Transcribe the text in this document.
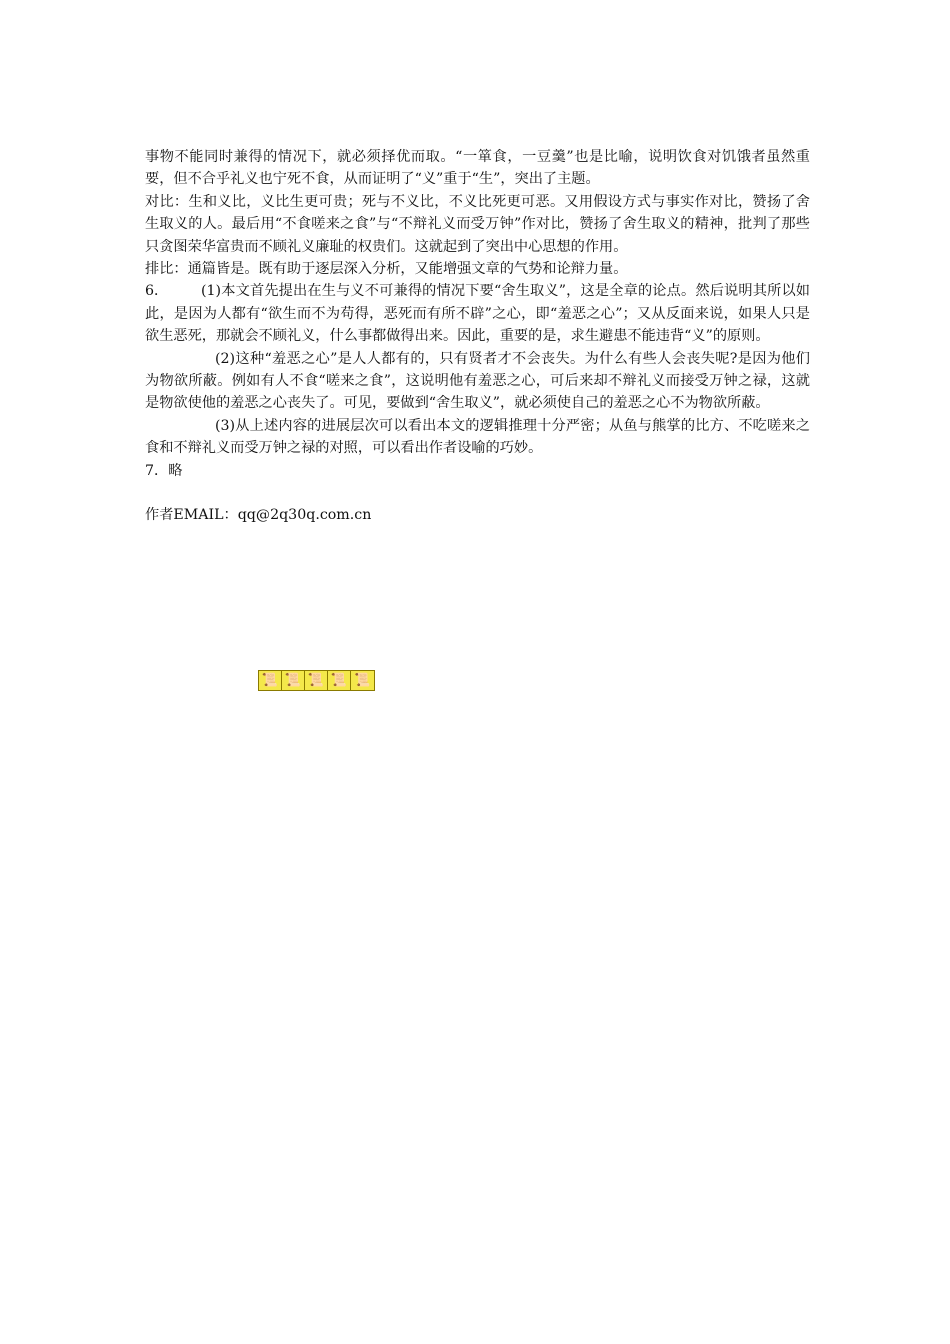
事物不能同时兼得的情况下，就必须择优而取。“一箪食，一豆羹”也是比喻，说明饮食对饥饿者虽然重要，但不合乎礼义也宁死不食，从而证明了“义”重于“生”，突出了主题。

对比：生和义比，义比生更可贵；死与不义比，不义比死更可恶。又用假设方式与事实作对比，赞扬了舍生取义的人。最后用“不食嗟来之食”与“不辩礼义而受万钟”作对比，赞扬了舍生取义的精神，批判了那些只贪图荣华富贵而不顾礼义廉耻的权贵们。这就起到了突出中心思想的作用。

排比：通篇皆是。既有助于逐层深入分析，又能增强文章的气势和论辩力量。

6． (1)本文首先提出在生与义不可兼得的情况下要“舍生取义”，这是全章的论点。然后说明其所以如此，是因为人都有“欲生而不为苟得，恶死而有所不辟”之心，即“羞恶之心”；又从反面来说，如果人只是欲生恶死，那就会不顾礼义，什么事都做得出来。因此，重要的是，求生避患不能违背“义”的原则。

(2)这种“羞恶之心”是人人都有的，只有贤者才不会丧失。为什么有些人会丧失呢?是因为他们为物欲所蔽。例如有人不食“嗟来之食”，这说明他有羞恶之心，可后来却不辩礼义而接受万钟之禄，这就是物欲使他的羞恶之心丧失了。可见，要做到“舍生取义”，就必须使自己的羞恶之心不为物欲所蔽。

(3)从上述内容的进展层次可以看出本文的逻辑推理十分严密；从鱼与熊掌的比方、不吃嗟来之食和不辩礼义而受万钟之禄的对照，可以看出作者设喻的巧妙。

7．略

作者EMAIL：qq@2q30q.com.cn

📜 📜 📜 📜 📜
